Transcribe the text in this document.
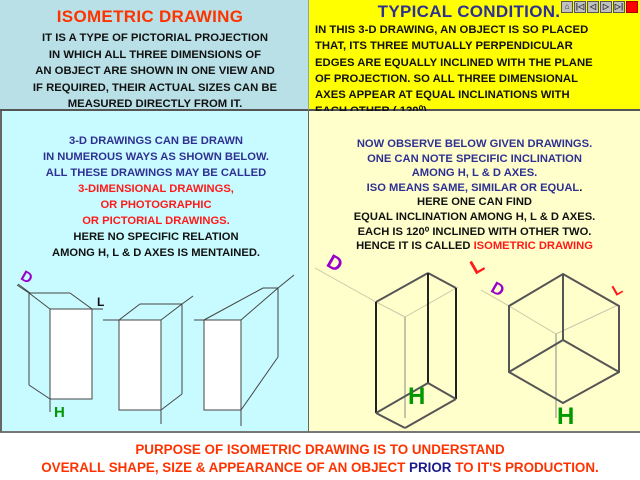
ISOMETRIC DRAWING
IT IS A TYPE OF PICTORIAL PROJECTION
IN WHICH ALL THREE DIMENSIONS OF
AN OBJECT ARE SHOWN IN ONE VIEW AND
IF REQUIRED, THEIR ACTUAL SIZES CAN BE
MEASURED DIRECTLY FROM IT.
TYPICAL CONDITION.
IN THIS 3-D DRAWING, AN OBJECT IS SO PLACED
THAT, ITS THREE MUTUALLY PERPENDICULAR
EDGES ARE EQUALLY INCLINED WITH THE PLANE
OF PROJECTION. SO ALL THREE DIMENSIONAL
AXES APPEAR AT EQUAL INCLINATIONS WITH
⌂ |◁ ◁ ▷ ▷|
3-D DRAWINGS CAN BE DRAWN
IN NUMEROUS WAYS AS SHOWN BELOW.
ALL THESE DRAWINGS MAY BE CALLED
3-DIMENSIONAL DRAWINGS,
OR PHOTOGRAPHIC
OR PICTORIAL DRAWINGS.
HERE NO SPECIFIC RELATION
AMONG H, L & D AXES IS MENTAINED.
NOW OBSERVE BELOW GIVEN DRAWINGS.
ONE CAN NOTE SPECIFIC INCLINATION
AMONG H, L & D AXES.
ISO MEANS SAME, SIMILAR OR EQUAL.
HERE ONE CAN FIND
EQUAL INCLINATION AMONG H, L & D AXES.
EACH IS 120⁰ INCLINED WITH OTHER TWO.
HENCE IT IS CALLED ISOMETRIC DRAWING
D
L
H
D	L
H
D	L
H
PURPOSE OF ISOMETRIC DRAWING IS TO UNDERSTAND
OVERALL SHAPE, SIZE & APPEARANCE OF AN OBJECT PRIOR TO IT'S PRODUCTION.
